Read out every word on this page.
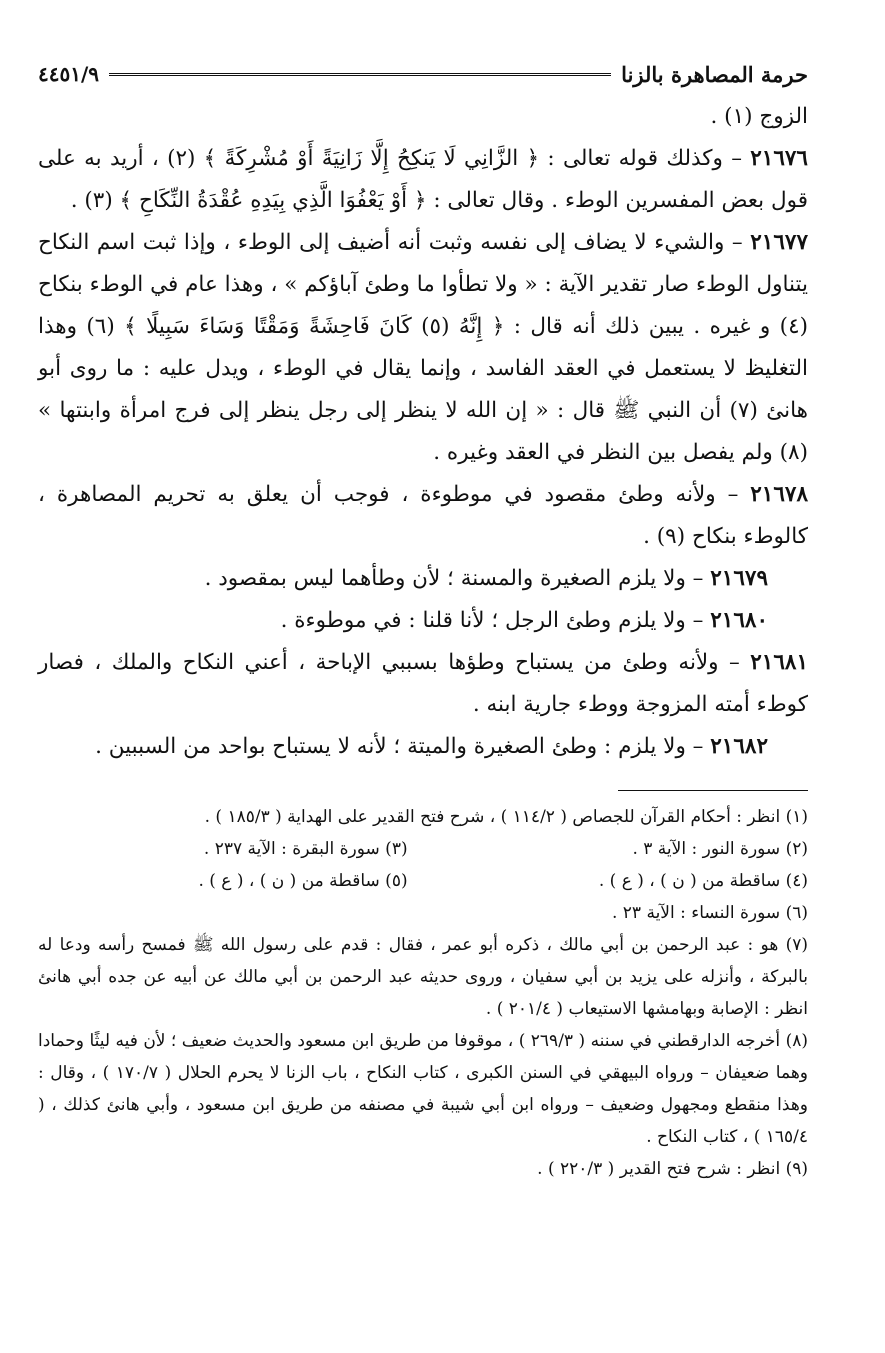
حرمة المصاهرة بالزنا
٤٤٥١/٩

الزوج (١) .

٢١٦٧٦ – وكذلك قوله تعالى : ﴿ الزَّانِي لَا يَنكِحُ إِلَّا زَانِيَةً أَوْ مُشْرِكَةً ﴾ (٢) ، أريد به على قول بعض المفسرين الوطء . وقال تعالى : ﴿ أَوْ يَعْفُوَا الَّذِي بِيَدِهِ عُقْدَةُ النِّكَاحِ ﴾ (٣) .

٢١٦٧٧ – والشيء لا يضاف إلى نفسه وثبت أنه أضيف إلى الوطء ، وإذا ثبت اسم النكاح يتناول الوطء صار تقدير الآية : « ولا تطأوا ما وطئ آباؤكم » ، وهذا عام في الوطء بنكاح (٤) و غيره . يبين ذلك أنه قال : ﴿ إِنَّهُ (٥) كَانَ فَاحِشَةً وَمَقْتًا وَسَاءَ سَبِيلًا ﴾ (٦) وهذا التغليظ لا يستعمل في العقد الفاسد ، وإنما يقال في الوطء ، ويدل عليه : ما روى أبو هانئ (٧) أن النبي ﷺ قال : « إن الله لا ينظر إلى رجل ينظر إلى فرج امرأة وابنتها » (٨) ولم يفصل بين النظر في العقد وغيره .

٢١٦٧٨ – ولأنه وطئ مقصود في موطوءة ، فوجب أن يعلق به تحريم المصاهرة ، كالوطء بنكاح (٩) .

٢١٦٧٩ – ولا يلزم الصغيرة والمسنة ؛ لأن وطأهما ليس بمقصود .

٢١٦٨٠ – ولا يلزم وطئ الرجل ؛ لأنا قلنا : في موطوءة .

٢١٦٨١ – ولأنه وطئ من يستباح وطؤها بسببي الإباحة ، أعني النكاح والملك ، فصار كوطء أمته المزوجة ووطء جارية ابنه .

٢١٦٨٢ – ولا يلزم : وطئ الصغيرة والميتة ؛ لأنه لا يستباح بواحد من السببين .

(١) انظر : أحكام القرآن للجصاص ( ١١٤/٢ ) ، شرح فتح القدير على الهداية ( ١٨٥/٣ ) .

(٢) سورة النور : الآية ٣ .
(٣) سورة البقرة : الآية ٢٣٧ .
(٤) ساقطة من ( ن ) ، ( ع ) .
(٥) ساقطة من ( ن ) ، ( ع ) .

(٦) سورة النساء : الآية ٢٣ .

(٧) هو : عبد الرحمن بن أبي مالك ، ذكره أبو عمر ، فقال : قدم على رسول الله ﷺ فمسح رأسه ودعا له بالبركة ، وأنزله على يزيد بن أبي سفيان ، وروى حديثه عبد الرحمن بن أبي مالك عن أبيه عن جده أبي هانئ انظر : الإصابة وبهامشها الاستيعاب ( ٢٠١/٤ ) .

(٨) أخرجه الدارقطني في سننه ( ٢٦٩/٣ ) ، موقوفا من طريق ابن مسعود والحديث ضعيف ؛ لأن فيه ليثًا وحمادا وهما ضعيفان – ورواه البيهقي في السنن الكبرى ، كتاب النكاح ، باب الزنا لا يحرم الحلال ( ١٧٠/٧ ) ، وقال : وهذا منقطع ومجهول وضعيف – ورواه ابن أبي شيبة في مصنفه من طريق ابن مسعود ، وأبي هانئ كذلك ، ( ١٦٥/٤ ) ، كتاب النكاح .

(٩) انظر : شرح فتح القدير ( ٢٢٠/٣ ) .
